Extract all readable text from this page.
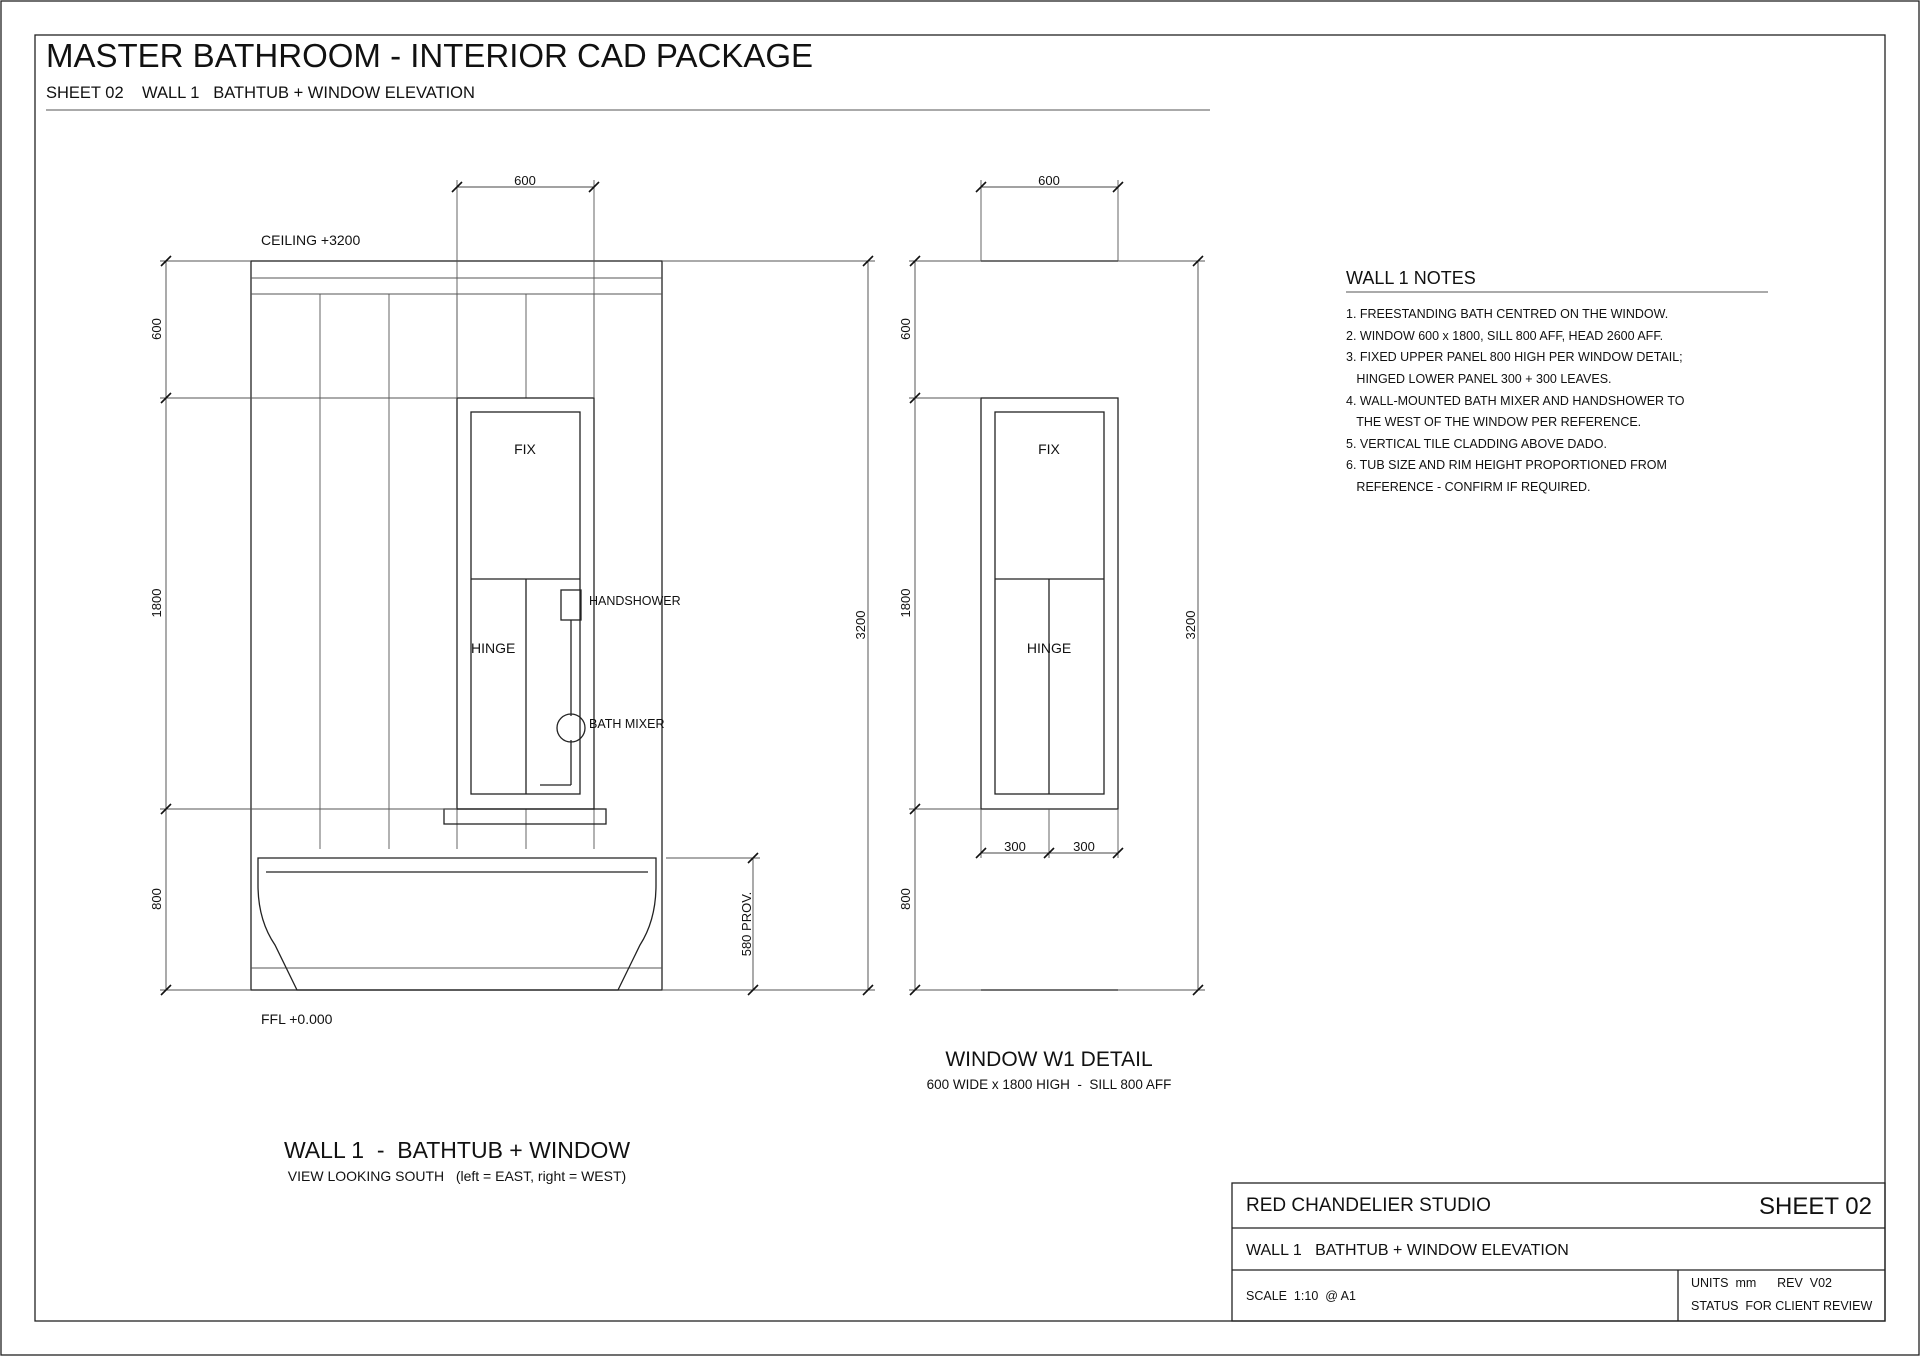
MASTER BATHROOM - INTERIOR CAD PACKAGE
SHEET 02    WALL 1   BATHTUB + WINDOW ELEVATION
FIX
HINGE
HANDSHOWER
BATH MIXER
CEILING +3200
FFL +0.000
600
600
1800
800
3200
580 PROV.
WALL 1  -  BATHTUB + WINDOW
VIEW LOOKING SOUTH   (left = EAST, right = WEST)
FIX
HINGE
600
600
1800
800
3200
300	300
WINDOW W1 DETAIL
600 WIDE x 1800 HIGH  -  SILL 800 AFF
WALL 1 NOTES
1. FREESTANDING BATH CENTRED ON THE WINDOW.
2. WINDOW 600 x 1800, SILL 800 AFF, HEAD 2600 AFF.
3. FIXED UPPER PANEL 800 HIGH PER WINDOW DETAIL;
HINGED LOWER PANEL 300 + 300 LEAVES.
4. WALL-MOUNTED BATH MIXER AND HANDSHOWER TO
THE WEST OF THE WINDOW PER REFERENCE.
5. VERTICAL TILE CLADDING ABOVE DADO.
6. TUB SIZE AND RIM HEIGHT PROPORTIONED FROM
REFERENCE - CONFIRM IF REQUIRED.
RED CHANDELIER STUDIO	SHEET 02
WALL 1   BATHTUB + WINDOW ELEVATION
SCALE  1:10  @ A1
UNITS  mm      REV  V02
STATUS  FOR CLIENT REVIEW
